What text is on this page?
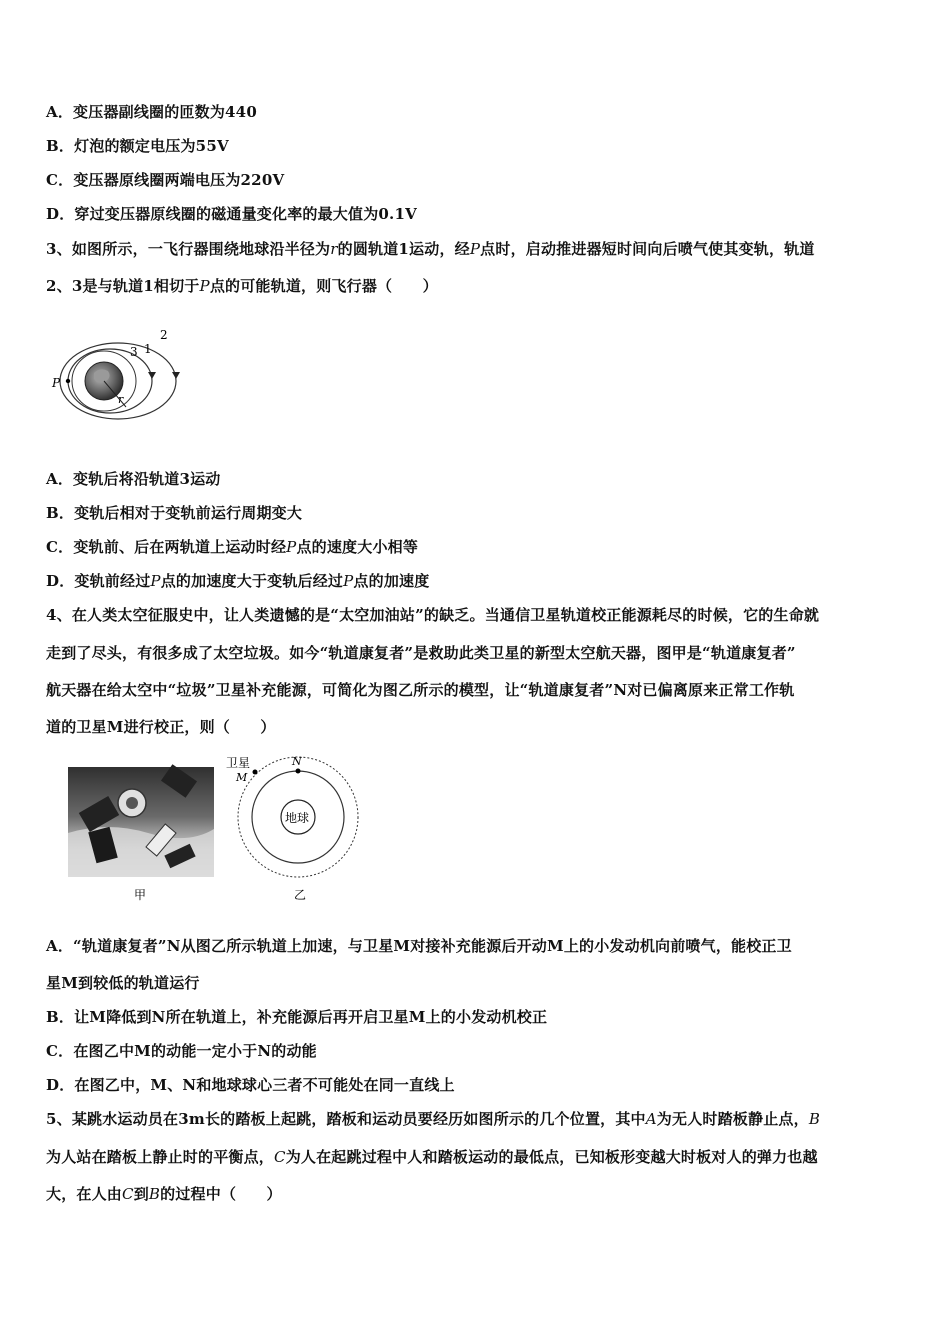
A．变压器副线圈的匝数为440
B．灯泡的额定电压为55V
C．变压器原线圈两端电压为220V
D．穿过变压器原线圈的磁通量变化率的最大值为0.1V
3、如图所示，一飞行器围绕地球沿半径为r的圆轨道1运动，经P点时，启动推进器短时间向后喷气使其变轨，轨道
2、3是与轨道1相切于P点的可能轨道，则飞行器（　　）
P
r
1
2
3
A．变轨后将沿轨道3运动
B．变轨后相对于变轨前运行周期变大
C．变轨前、后在两轨道上运动时经P点的速度大小相等
D．变轨前经过P点的加速度大于变轨后经过P点的加速度
4、在人类太空征服史中，让人类遗憾的是“太空加油站”的缺乏。当通信卫星轨道校正能源耗尽的时候，它的生命就
走到了尽头，有很多成了太空垃圾。如今“轨道康复者”是救助此类卫星的新型太空航天器，图甲是“轨道康复者”
航天器在给太空中“垃圾”卫星补充能源，可简化为图乙所示的模型，让“轨道康复者”N对已偏离原来正常工作轨
道的卫星M进行校正，则（　　）
甲
地球
卫星
M
N
乙
A．“轨道康复者”N从图乙所示轨道上加速，与卫星M对接补充能源后开动M上的小发动机向前喷气，能校正卫
星M到较低的轨道运行
B．让M降低到N所在轨道上，补充能源后再开启卫星M上的小发动机校正
C．在图乙中M的动能一定小于N的动能
D．在图乙中，M、N和地球球心三者不可能处在同一直线上
5、某跳水运动员在3m长的踏板上起跳，踏板和运动员要经历如图所示的几个位置，其中A为无人时踏板静止点，B
为人站在踏板上静止时的平衡点，C为人在起跳过程中人和踏板运动的最低点，已知板形变越大时板对人的弹力也越
大，在人由C到B的过程中（　　）
